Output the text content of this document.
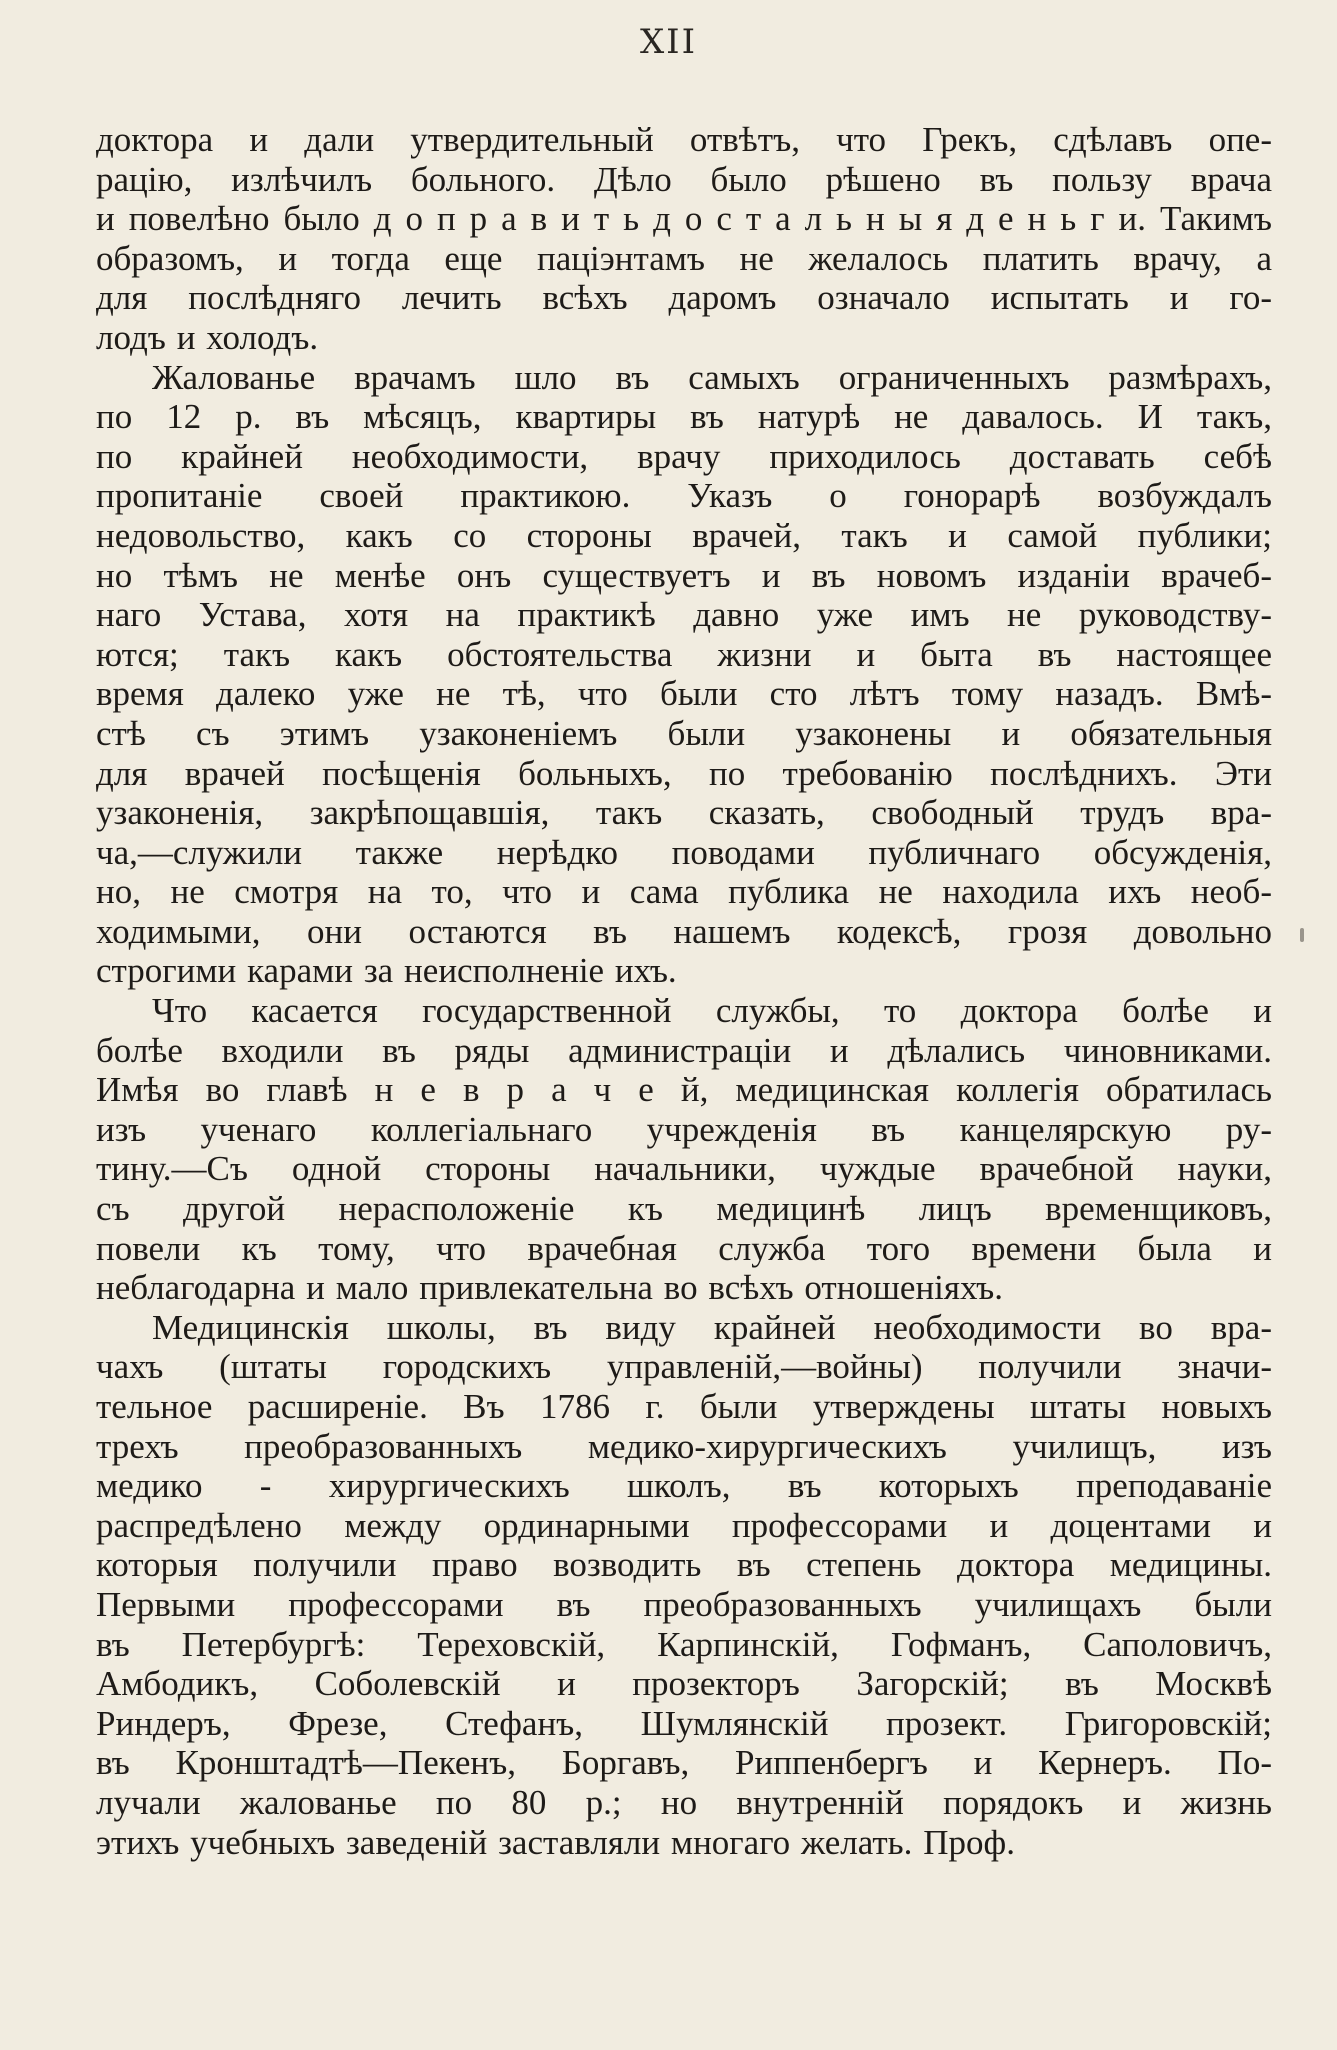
XII
доктора и дали утвердительный отвѣтъ, что Грекъ, сдѣлавъ опе-
рацію, излѣчилъ больного. Дѣло было рѣшено въ пользу врача
и повелѣно было д о п р а в и т ь д о с т а л ь н ы я д е н ь г и. Такимъ
образомъ, и тогда еще паціэнтамъ не желалось платить врачу, а
для послѣдняго лечить всѣхъ даромъ означало испытать и го-
лодъ и холодъ.
Жалованье врачамъ шло въ самыхъ ограниченныхъ размѣрахъ,
по 12 р. въ мѣсяцъ, квартиры въ натурѣ не давалось. И такъ,
по крайней необходимости, врачу приходилось доставать себѣ
пропитаніе своей практикою. Указъ о гонорарѣ возбуждалъ
недовольство, какъ со стороны врачей, такъ и самой публики;
но тѣмъ не менѣе онъ существуетъ и въ новомъ изданіи врачеб-
наго Устава, хотя на практикѣ давно уже имъ не руководству-
ются; такъ какъ обстоятельства жизни и быта въ настоящее
время далеко уже не тѣ, что были сто лѣтъ тому назадъ. Вмѣ-
стѣ съ этимъ узаконеніемъ были узаконены и обязательныя
для врачей посѣщенія больныхъ, по требованію послѣднихъ. Эти
узаконенія, закрѣпощавшія, такъ сказать, свободный трудъ вра-
ча,—служили также нерѣдко поводами публичнаго обсужденія,
но, не смотря на то, что и сама публика не находила ихъ необ-
ходимыми, они остаются въ нашемъ кодексѣ, грозя довольно
строгими карами за неисполненіе ихъ.
Что касается государственной службы, то доктора болѣе и
болѣе входили въ ряды администраціи и дѣлались чиновниками.
Имѣя во главѣ н е в р а ч е й, медицинская коллегія обратилась
изъ ученаго коллегіальнаго учрежденія въ канцелярскую ру-
тину.—Съ одной стороны начальники, чуждые врачебной науки,
съ другой нерасположеніе къ медицинѣ лицъ временщиковъ,
повели къ тому, что врачебная служба того времени была и
неблагодарна и мало привлекательна во всѣхъ отношеніяхъ.
Медицинскія школы, въ виду крайней необходимости во вра-
чахъ (штаты городскихъ управленій,—войны) получили значи-
тельное расширеніе. Въ 1786 г. были утверждены штаты новыхъ
трехъ преобразованныхъ медико-хирургическихъ училищъ, изъ
медико - хирургическихъ школъ, въ которыхъ преподаваніе
распредѣлено между ординарными профессорами и доцентами и
которыя получили право возводить въ степень доктора медицины.
Первыми профессорами въ преобразованныхъ училищахъ были
въ Петербургѣ: Тереховскій, Карпинскій, Гофманъ, Саполовичъ,
Амбодикъ, Соболевскій и прозекторъ Загорскій; въ Москвѣ
Риндеръ, Фрезе, Стефанъ, Шумлянскій прозект. Григоровскій;
въ Кронштадтѣ—Пекенъ, Боргавъ, Риппенбергъ и Кернеръ. По-
лучали жалованье по 80 р.; но внутренній порядокъ и жизнь
этихъ учебныхъ заведеній заставляли многаго желать. Проф.
